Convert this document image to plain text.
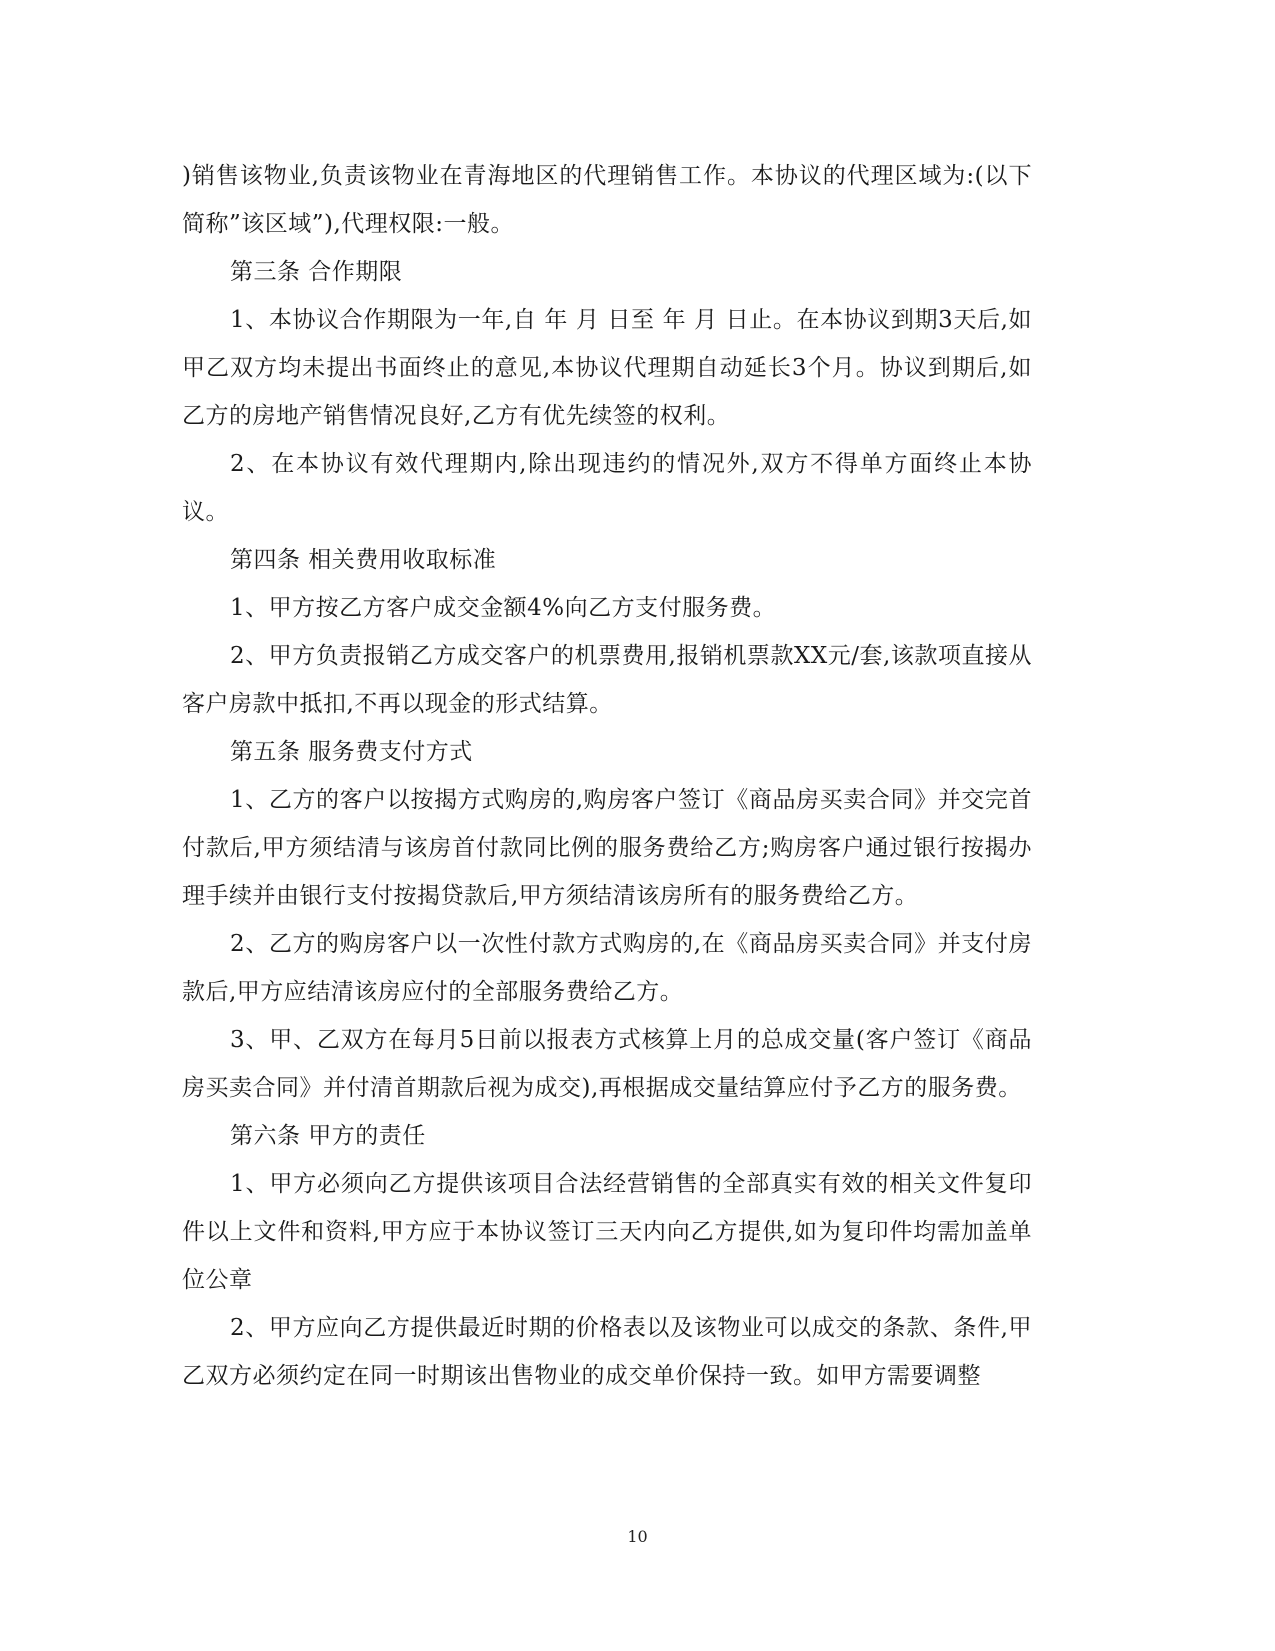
)销售该物业,负责该物业在青海地区的代理销售工作。本协议的代理区域为:(以下简称”该区域”),代理权限:一般。

第三条 合作期限

1、本协议合作期限为一年,自 年 月 日至 年 月 日止。在本协议到期3天后,如甲乙双方均未提出书面终止的意见,本协议代理期自动延长3个月。协议到期后,如乙方的房地产销售情况良好,乙方有优先续签的权利。

2、在本协议有效代理期内,除出现违约的情况外,双方不得单方面终止本协议。

第四条 相关费用收取标准

1、甲方按乙方客户成交金额4%向乙方支付服务费。

2、甲方负责报销乙方成交客户的机票费用,报销机票款XX元/套,该款项直接从客户房款中抵扣,不再以现金的形式结算。

第五条 服务费支付方式

1、乙方的客户以按揭方式购房的,购房客户签订《商品房买卖合同》并交完首付款后,甲方须结清与该房首付款同比例的服务费给乙方;购房客户通过银行按揭办理手续并由银行支付按揭贷款后,甲方须结清该房所有的服务费给乙方。

2、乙方的购房客户以一次性付款方式购房的,在《商品房买卖合同》并支付房款后,甲方应结清该房应付的全部服务费给乙方。

3、甲、乙双方在每月5日前以报表方式核算上月的总成交量(客户签订《商品房买卖合同》并付清首期款后视为成交),再根据成交量结算应付予乙方的服务费。

第六条 甲方的责任

1、甲方必须向乙方提供该项目合法经营销售的全部真实有效的相关文件复印件以上文件和资料,甲方应于本协议签订三天内向乙方提供,如为复印件均需加盖单位公章

2、甲方应向乙方提供最近时期的价格表以及该物业可以成交的条款、条件,甲乙双方必须约定在同一时期该出售物业的成交单价保持一致。如甲方需要调整

10
